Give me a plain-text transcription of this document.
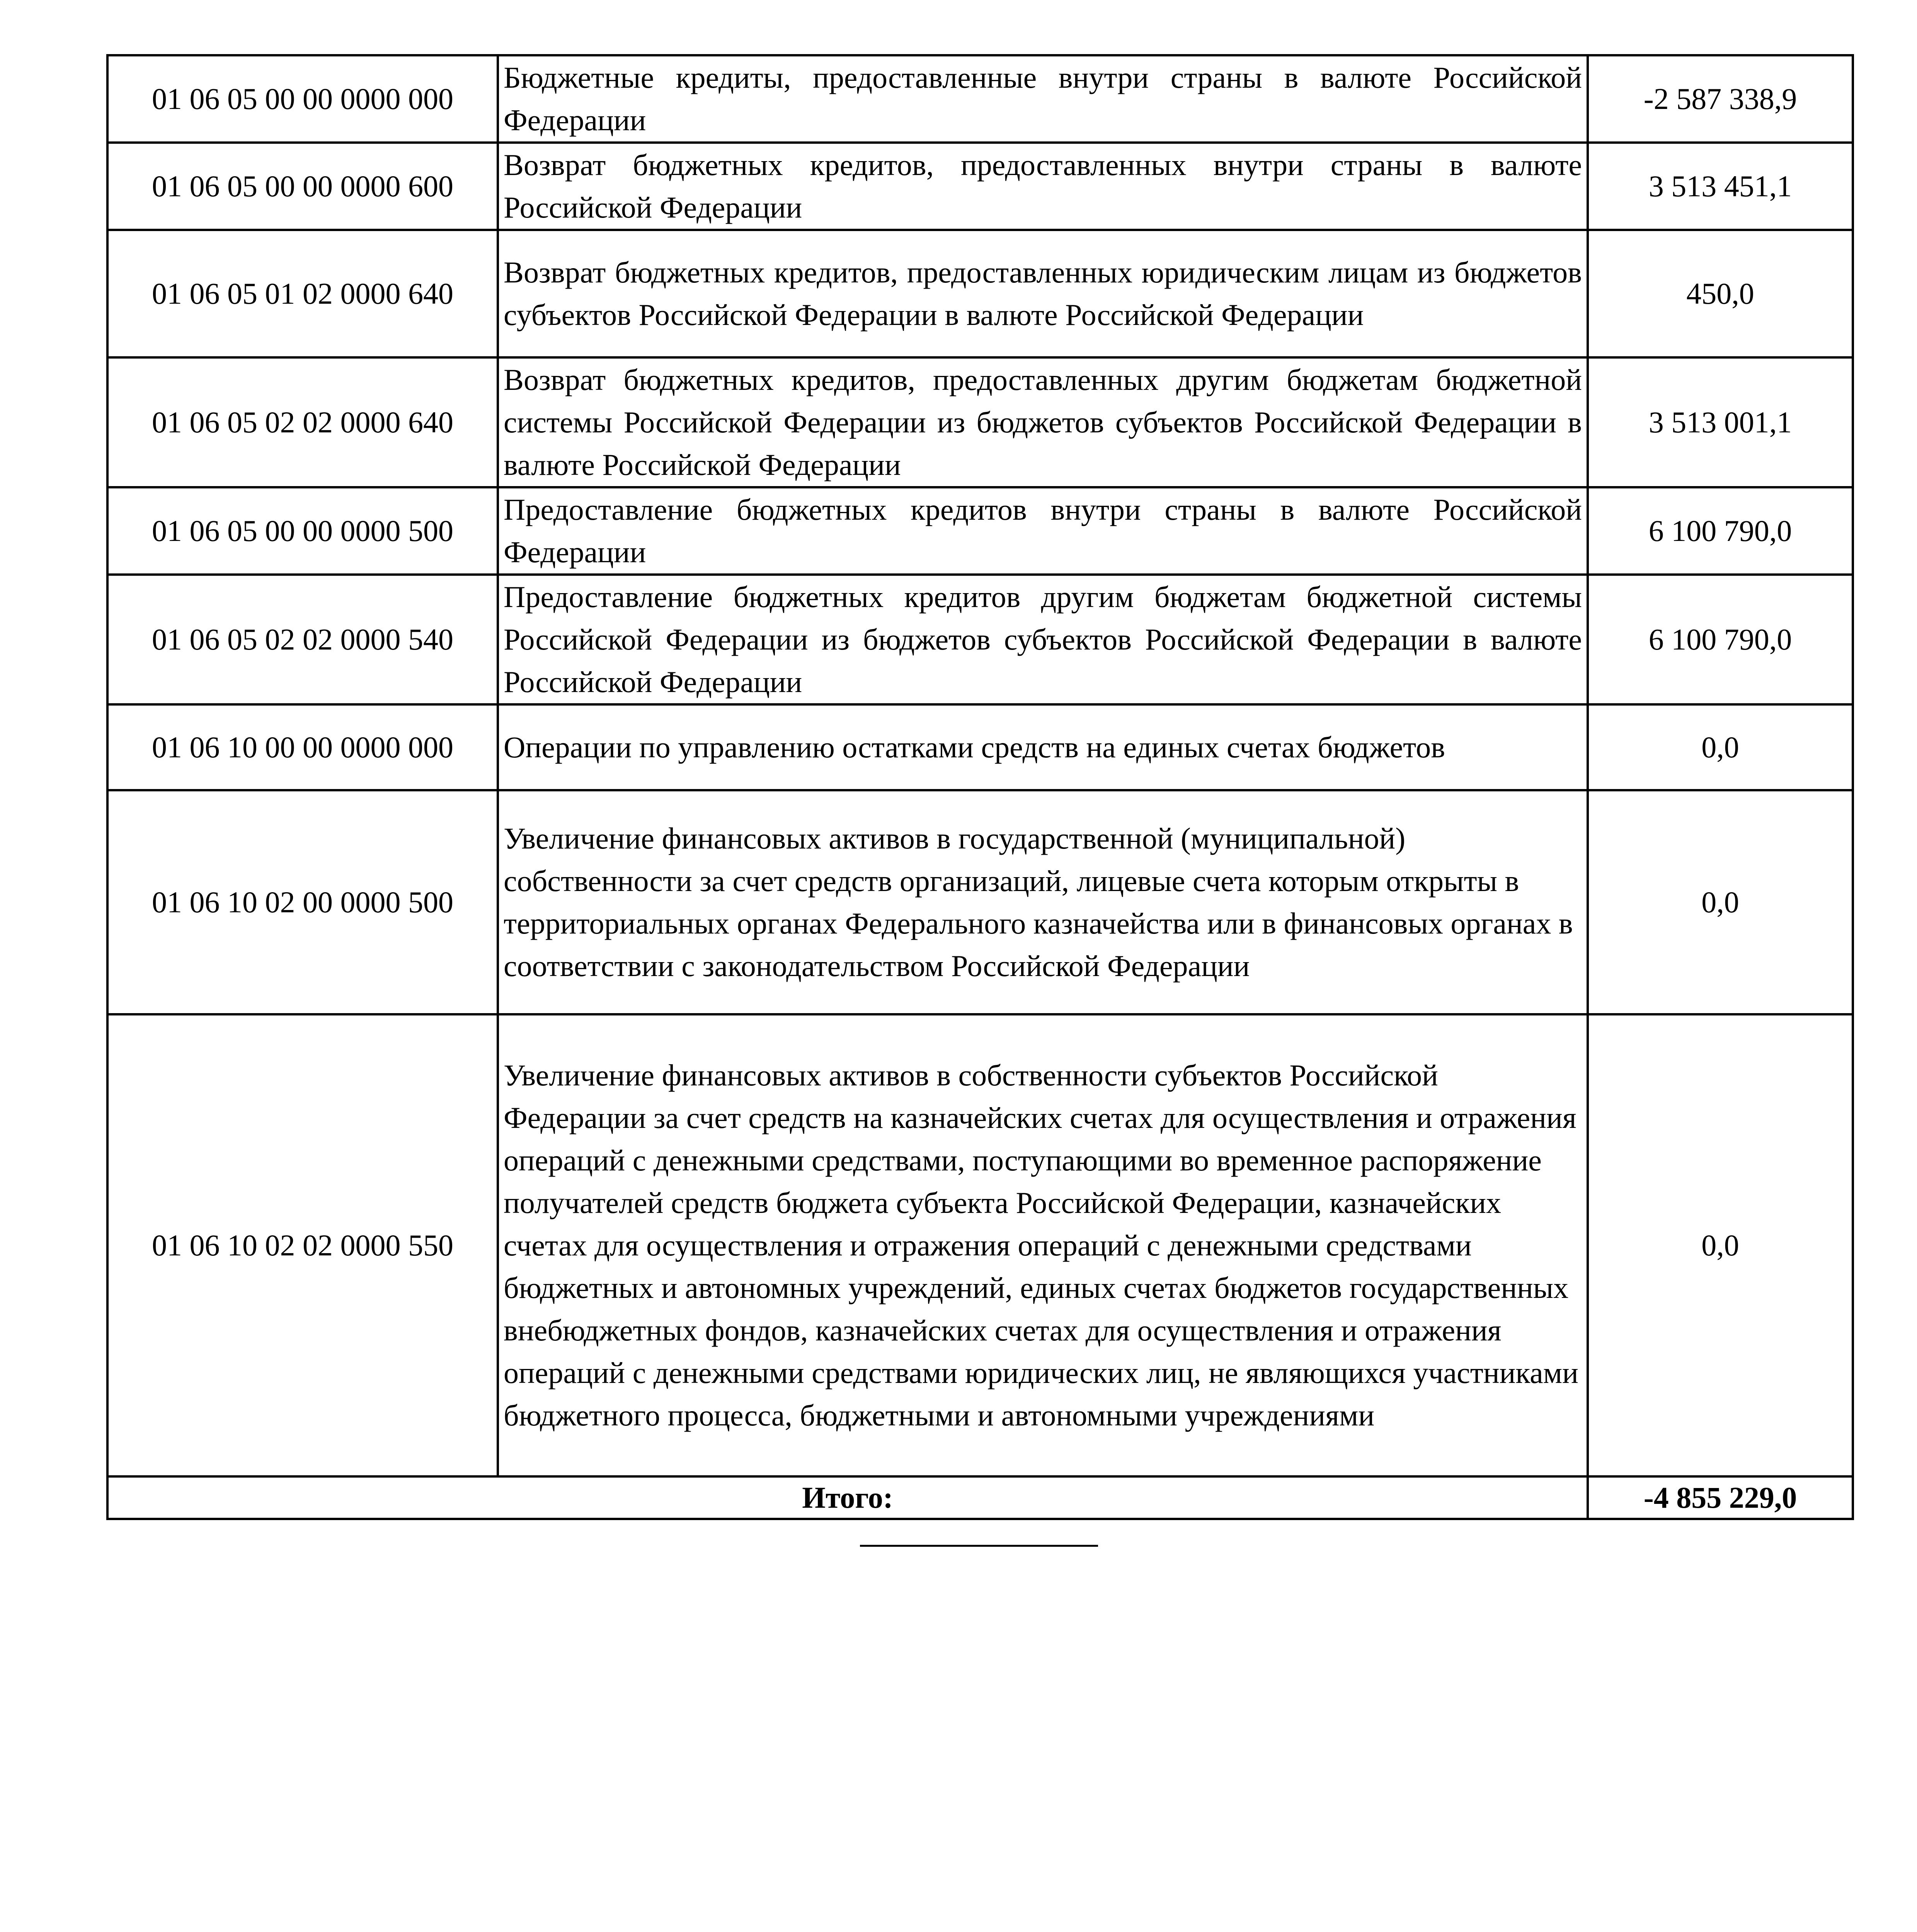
01 06 05 00 00 0000 000	Бюджетные кредиты, предоставленные внутри страны в валюте Российской Федерации	-2 587 338,9
01 06 05 00 00 0000 600	Возврат бюджетных кредитов, предоставленных внутри страны в валюте Российской Федерации	3 513 451,1
01 06 05 01 02 0000 640	Возврат бюджетных кредитов, предоставленных юридическим лицам из бюджетов субъектов Российской Федерации в валюте Российской Федерации	450,0
01 06 05 02 02 0000 640	Возврат бюджетных кредитов, предоставленных другим бюджетам бюджетной системы Российской Федерации из бюджетов субъектов Российской Федерации в валюте Российской Федерации	3 513 001,1
01 06 05 00 00 0000 500	Предоставление бюджетных кредитов внутри страны в валюте Российской Федерации	6 100 790,0
01 06 05 02 02 0000 540	Предоставление бюджетных кредитов другим бюджетам бюджетной системы Российской Федерации из бюджетов субъектов Российской Федерации в валюте Российской Федерации	6 100 790,0
01 06 10 00 00 0000 000	Операции по управлению остатками средств на единых счетах бюджетов	0,0
01 06 10 02 00 0000 500	Увеличение финансовых активов в государственной (муниципальной) собственности за счет средств организаций, лицевые счета которым открыты в территориальных органах Федерального казначейства или в финансовых органах в соответствии с законодательством Российской Федерации	0,0
01 06 10 02 02 0000 550	Увеличение финансовых активов в собственности субъектов Российской Федерации за счет средств на казначейских счетах для осуществления и отражения операций с денежными средствами, поступающими во временное распоряжение получателей средств бюджета субъекта Российской Федерации, казначейских счетах для осуществления и отражения операций с денежными средствами бюджетных и автономных учреждений, единых счетах бюджетов государственных внебюджетных фондов, казначейских счетах для осуществления и отражения операций с денежными средствами юридических лиц, не являющихся участниками бюджетного процесса, бюджетными и автономными учреждениями	0,0
Итого:		-4 855 229,0
